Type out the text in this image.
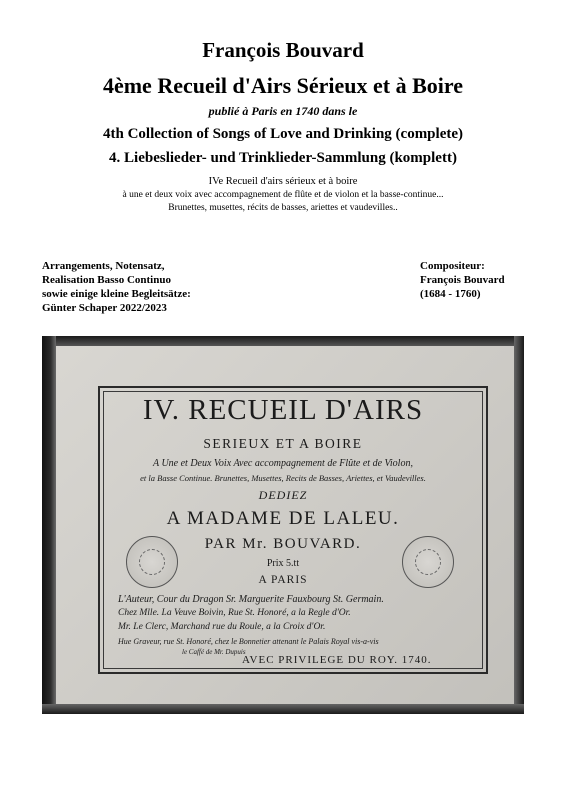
François Bouvard
4ème Recueil d'Airs Sérieux et à Boire
publié à Paris en 1740 dans le
4th Collection of Songs of Love and Drinking (complete)
4. Liebeslieder- und Trinklieder-Sammlung (komplett)
IVe Recueil d'airs sérieux et à boire
à une et deux voix avec accompagnement de flûte et de violon et la basse-continue...
Brunettes, musettes, récits de basses, ariettes et vaudevilles..
Arrangements, Notensatz,
Realisation Basso Continuo
sowie einige kleine Begleitsätze:
Günter Schaper 2022/2023
Compositeur:
François Bouvard
(1684 - 1760)
IV. RECUEIL D'AIRS
SERIEUX ET A BOIRE
A Une et Deux Voix Avec accompagnement de Flûte et de Violon,
et la Basse Continue. Brunettes, Musettes, Recits de Basses, Ariettes, et Vaudevilles.
DEDIEZ
A MADAME DE LALEU.
PAR Mr. BOUVARD.
Prix 5.tt
A PARIS
L'Auteur, Cour du Dragon Sr. Marguerite Fauxbourg St. Germain.
Chez Mlle. La Veuve Boivin, Rue St. Honoré, a la Regle d'Or.
Mr. Le Clerc, Marchand rue du Roule, a la Croix d'Or.
Hue Graveur, rue St. Honoré, chez le Bonnetier attenant le Palais Royal vis-a-vis
le Caffé de Mr. Dupuis
AVEC PRIVILEGE DU ROY. 1740.
